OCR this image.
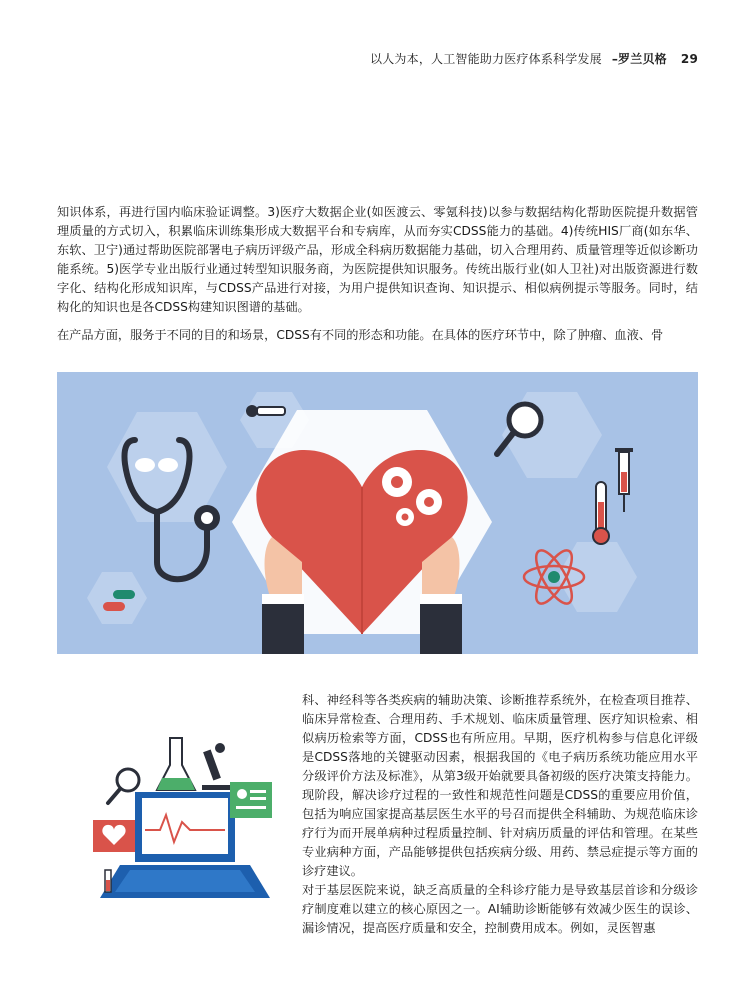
以人为本，人工智能助力医疗体系科学发展 –罗兰贝格 29
知识体系，再进行国内临床验证调整。3)医疗大数据企业(如医渡云、零氪科技)以参与数据结构化帮助医院提升数据管理质量的方式切入，积累临床训练集形成大数据平台和专病库，从而夯实CDSS能力的基础。4)传统HIS厂商(如东华、东软、卫宁)通过帮助医院部署电子病历评级产品，形成全科病历数据能力基础，切入合理用药、质量管理等近似诊断功能系统。5)医学专业出版行业通过转型知识服务商，为医院提供知识服务。传统出版行业(如人卫社)对出版资源进行数字化、结构化形成知识库，与CDSS产品进行对接，为用户提供知识查询、知识提示、相似病例提示等服务。同时，结构化的知识也是各CDSS构建知识图谱的基础。
在产品方面，服务于不同的目的和场景，CDSS有不同的形态和功能。在具体的医疗环节中，除了肿瘤、血液、骨
科、神经科等各类疾病的辅助决策、诊断推荐系统外，在检查项目推荐、临床异常检查、合理用药、手术规划、临床质量管理、医疗知识检索、相似病历检索等方面，CDSS也有所应用。早期，医疗机构参与信息化评级是CDSS落地的关键驱动因素，根据我国的《电子病历系统功能应用水平分级评价方法及标准》，从第3级开始就要具备初级的医疗决策支持能力。现阶段，解决诊疗过程的一致性和规范性问题是CDSS的重要应用价值，包括为响应国家提高基层医生水平的号召而提供全科辅助、为规范临床诊疗行为而开展单病种过程质量控制、针对病历质量的评估和管理。在某些专业病种方面，产品能够提供包括疾病分级、用药、禁忌症提示等方面的诊疗建议。
对于基层医院来说，缺乏高质量的全科诊疗能力是导致基层首诊和分级诊疗制度难以建立的核心原因之一。AI辅助诊断能够有效减少医生的误诊、漏诊情况，提高医疗质量和安全，控制费用成本。例如，灵医智惠
